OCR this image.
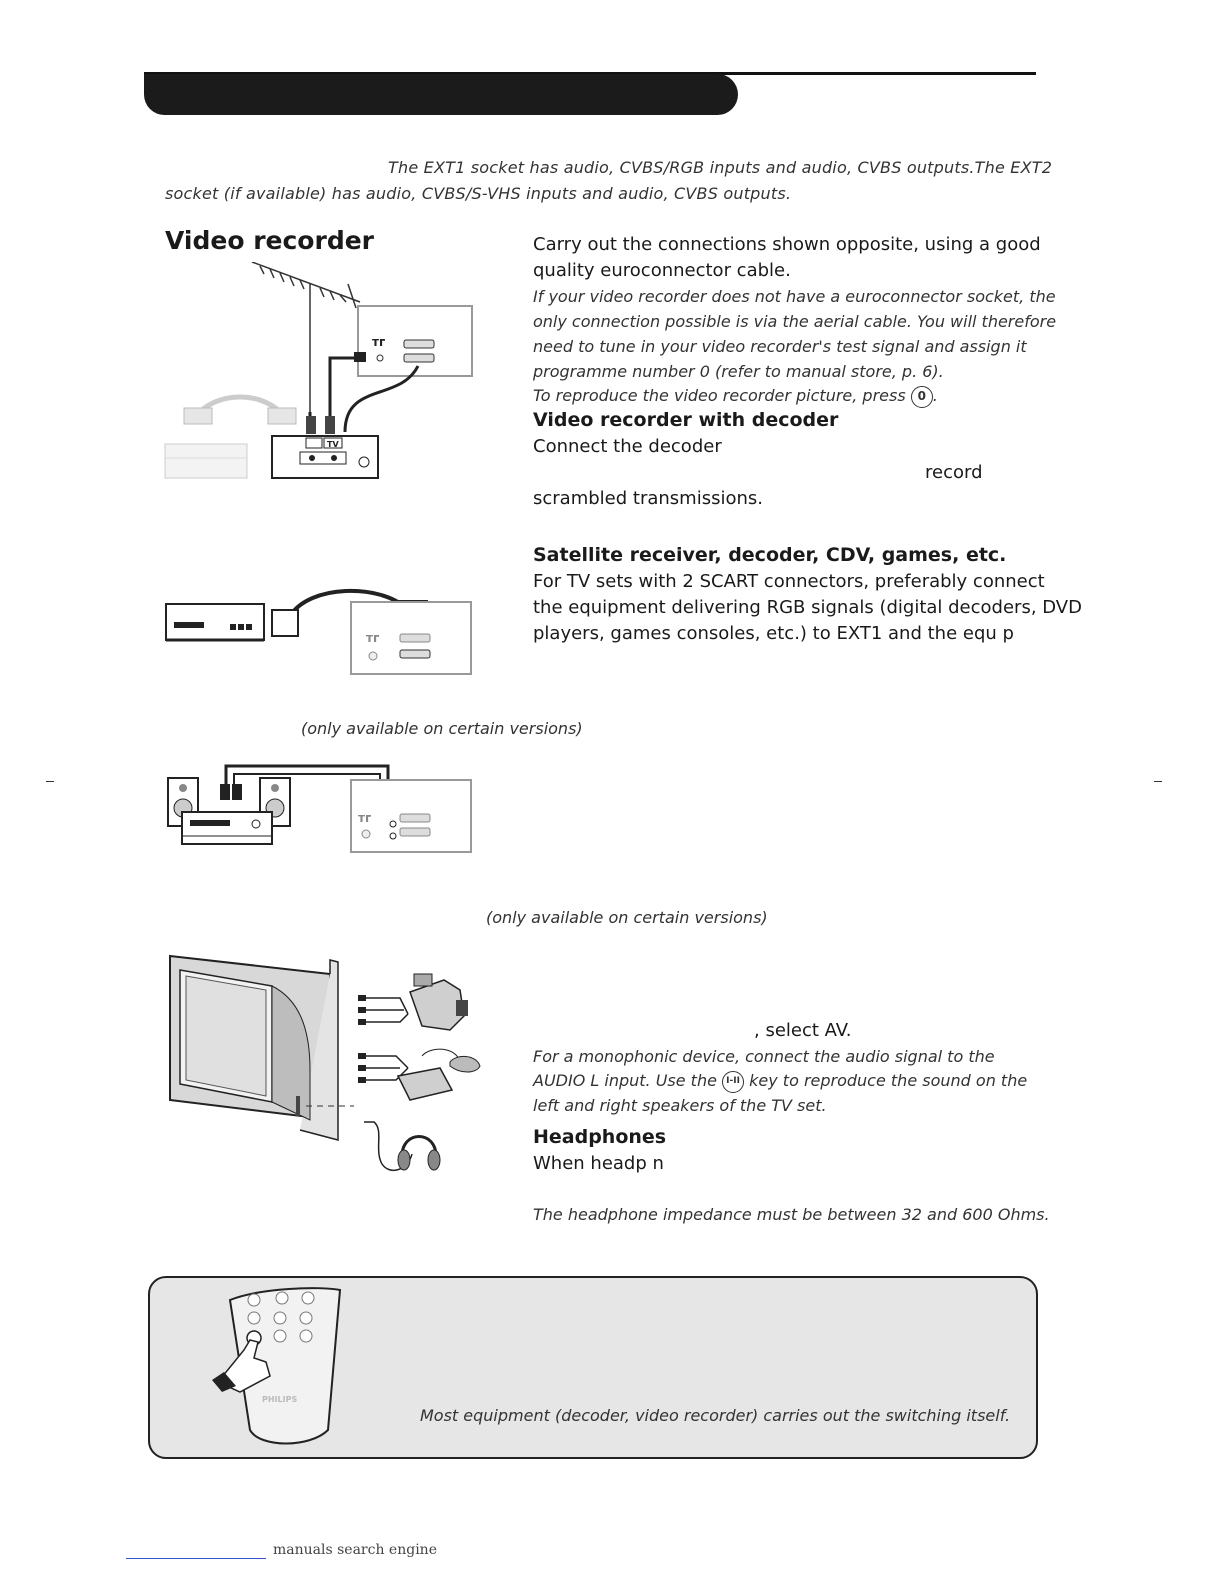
The EXT1 socket has audio, CVBS/RGB inputs and audio, CVBS outputs.The EXT2
socket (if available) has audio, CVBS/S-VHS inputs and audio, CVBS outputs.
Video recorder	Carry out the connections shown opposite, using a good
quality euroconnector cable.
If your video recorder does not have a euroconnector socket, the
only connection possible is via the aerial cable. You will therefore
need to tune in your video recorder's test signal and assign it
programme number 0 (refer to manual store, p. 6).
To reproduce the video recorder picture, press 0 .
Video recorder with decoder
Connect the decoder
record
scrambled transmissions.
Satellite receiver, decoder, CDV, games, etc.
For TV sets with 2 SCART connectors, preferably connect
the equipment delivering RGB signals (digital decoders, DVD
players, games consoles, etc.) to EXT1 and the equ p
(only available on certain versions)
(only available on certain versions)
, select AV.
For a monophonic device, connect the audio signal to the
AUDIO L input. Use the I-II key to reproduce the sound on the
left and right speakers of the TV set.
Headphones
When headp n
The headphone impedance must be between 32 and 600 Ohms.
ᴛᴦ
TV
ᴛᴦ
ᴛᴦ
PHILIPS
Most equipment (decoder, video recorder) carries out the switching itself.
manuals search engine
